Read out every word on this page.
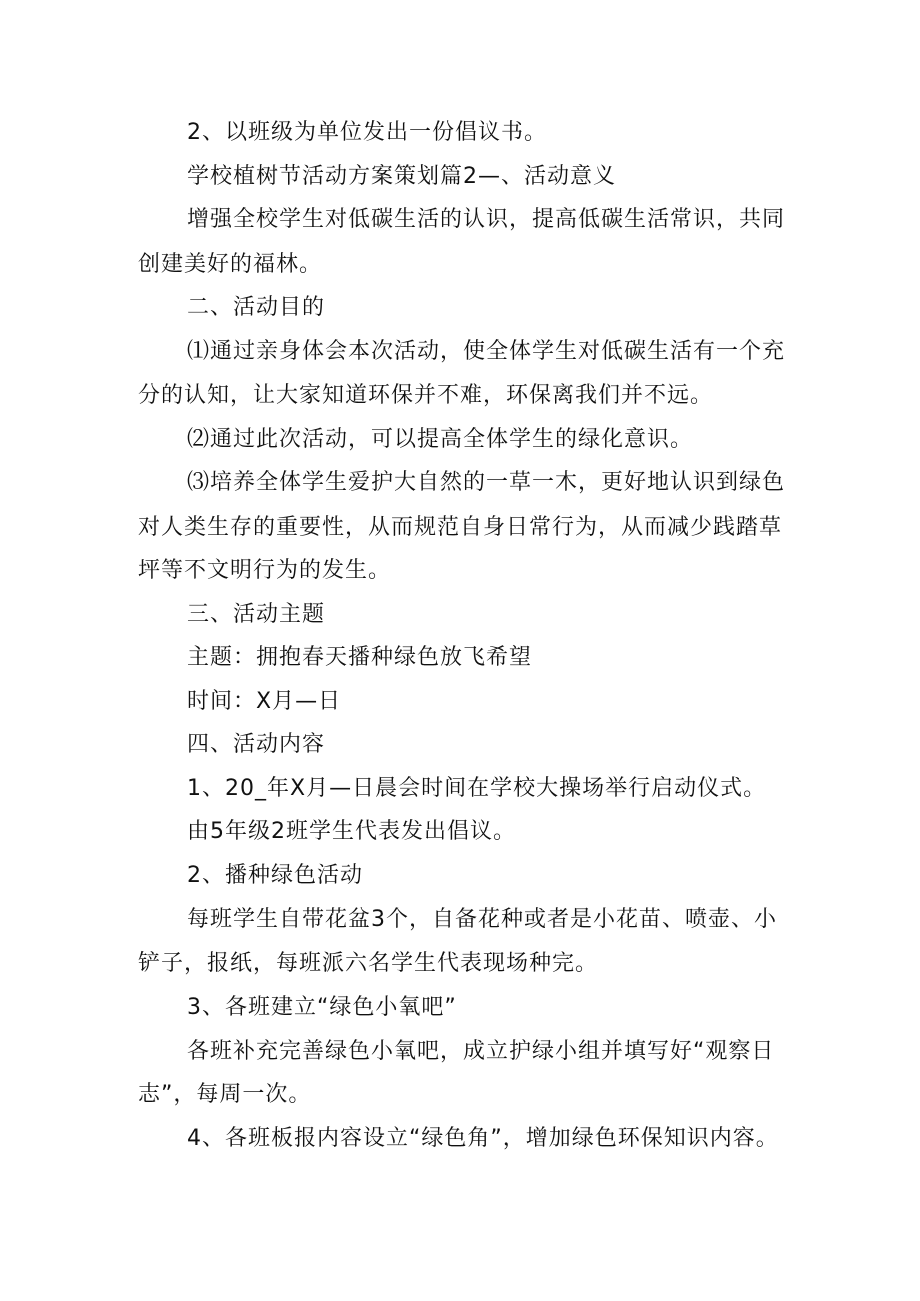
2、以班级为单位发出一份倡议书。
学校植树节活动方案策划篇2—、活动意义
增强全校学生对低碳生活的认识，提高低碳生活常识，共同
创建美好的福林。
二、活动目的
⑴通过亲身体会本次活动，使全体学生对低碳生活有一个充
分的认知，让大家知道环保并不难，环保离我们并不远。
⑵通过此次活动，可以提高全体学生的绿化意识。
⑶培养全体学生爱护大自然的一草一木，更好地认识到绿色
对人类生存的重要性，从而规范自身日常行为，从而减少践踏草
坪等不文明行为的发生。
三、活动主题
主题：拥抱春天播种绿色放飞希望
时间：X月—日
四、活动内容
1、20_年X月—日晨会时间在学校大操场举行启动仪式。
由5年级2班学生代表发出倡议。
2、播种绿色活动
每班学生自带花盆3个，自备花种或者是小花苗、喷壶、小
铲子，报纸，每班派六名学生代表现场种完。
3、各班建立“绿色小氧吧”
各班补充完善绿色小氧吧，成立护绿小组并填写好“观察日
志”，每周一次。
4、各班板报内容设立“绿色角”，增加绿色环保知识内容。
